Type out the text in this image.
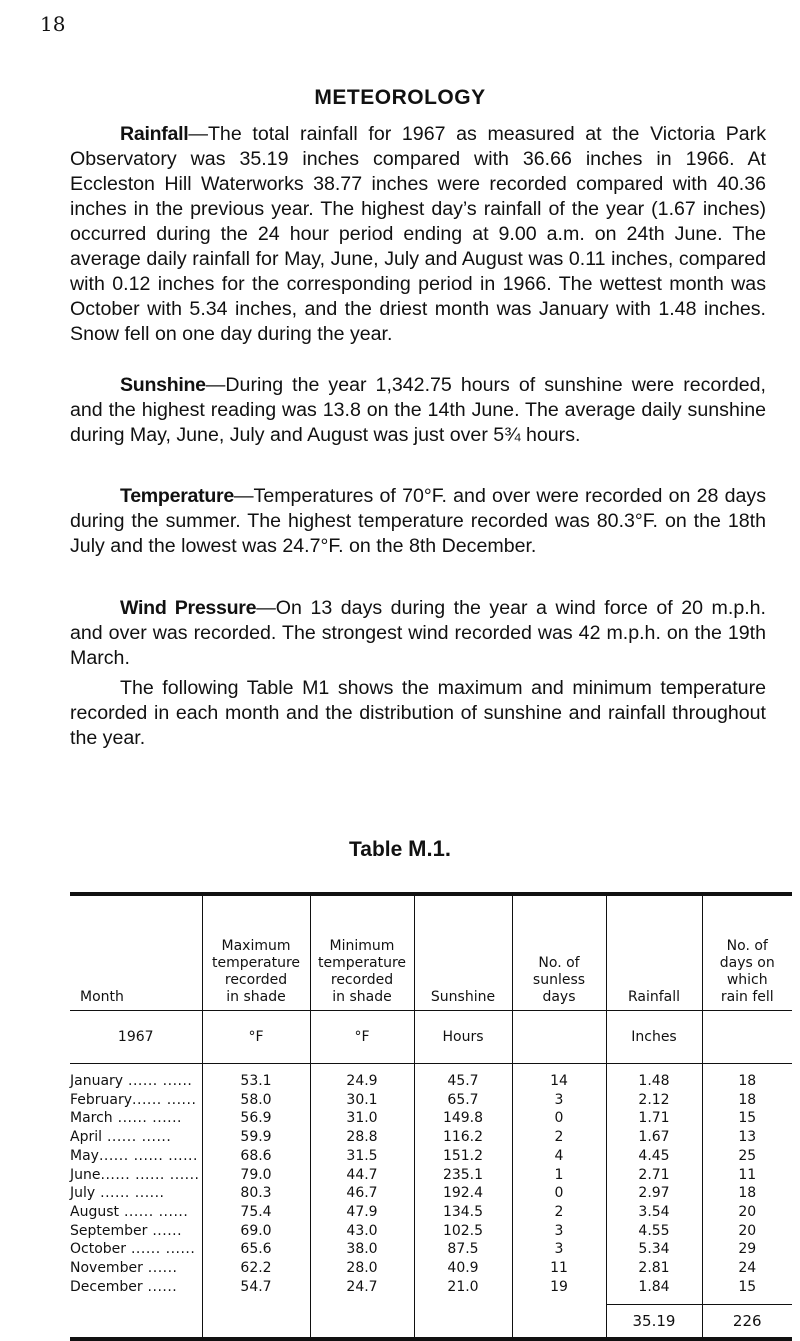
18
METEOROLOGY

Rainfall—The total rainfall for 1967 as measured at the Victoria Park Observatory was 35.19 inches compared with 36.66 inches in 1966. At Eccleston Hill Waterworks 38.77 inches were recorded compared with 40.36 inches in the previous year. The highest day’s rainfall of the year (1.67 inches) occurred during the 24 hour period ending at 9.00 a.m. on 24th June. The average daily rainfall for May, June, July and August was 0.11 inches, compared with 0.12 inches for the corresponding period in 1966. The wettest month was October with 5.34 inches, and the driest month was January with 1.48 inches. Snow fell on one day during the year.

Sunshine—During the year 1,342.75 hours of sunshine were recorded, and the highest reading was 13.8 on the 14th June. The average daily sunshine during May, June, July and August was just over 5¾ hours.

Temperature—Temperatures of 70°F. and over were recorded on 28 days during the summer. The highest temperature recorded was 80.3°F. on the 18th July and the lowest was 24.7°F. on the 8th December.

Wind Pressure—On 13 days during the year a wind force of 20 m.p.h. and over was recorded. The strongest wind recorded was 42 m.p.h. on the 19th March.

The following Table M1 shows the maximum and minimum temperature recorded in each month and the distribution of sunshine and rainfall throughout the year.

Table M.1.
Month	Maximum
temperature
recorded
in shade	Minimum
temperature
recorded
in shade	Sunshine	No. of
sunless
days	Rainfall	No. of
days on
which
rain fell
1967	°F	°F	Hours		Inches	

January ...... ......	53.1	24.9	45.7	14	1.48	18
February...... ......	58.0	30.1	65.7	3	2.12	18
March ...... ......	56.9	31.0	149.8	0	1.71	15
April ...... ......	59.9	28.8	116.2	2	1.67	13
May...... ...... ......	68.6	31.5	151.2	4	4.45	25
June...... ...... ......	79.0	44.7	235.1	1	2.71	11
July ...... ......	80.3	46.7	192.4	0	2.97	18
August ...... ......	75.4	47.9	134.5	2	3.54	20
September ......	69.0	43.0	102.5	3	4.55	20
October ...... ......	65.6	38.0	87.5	3	5.34	29
November ......	62.2	28.0	40.9	11	2.81	24
December ......	54.7	24.7	21.0	19	1.84	15

					35.19	226
